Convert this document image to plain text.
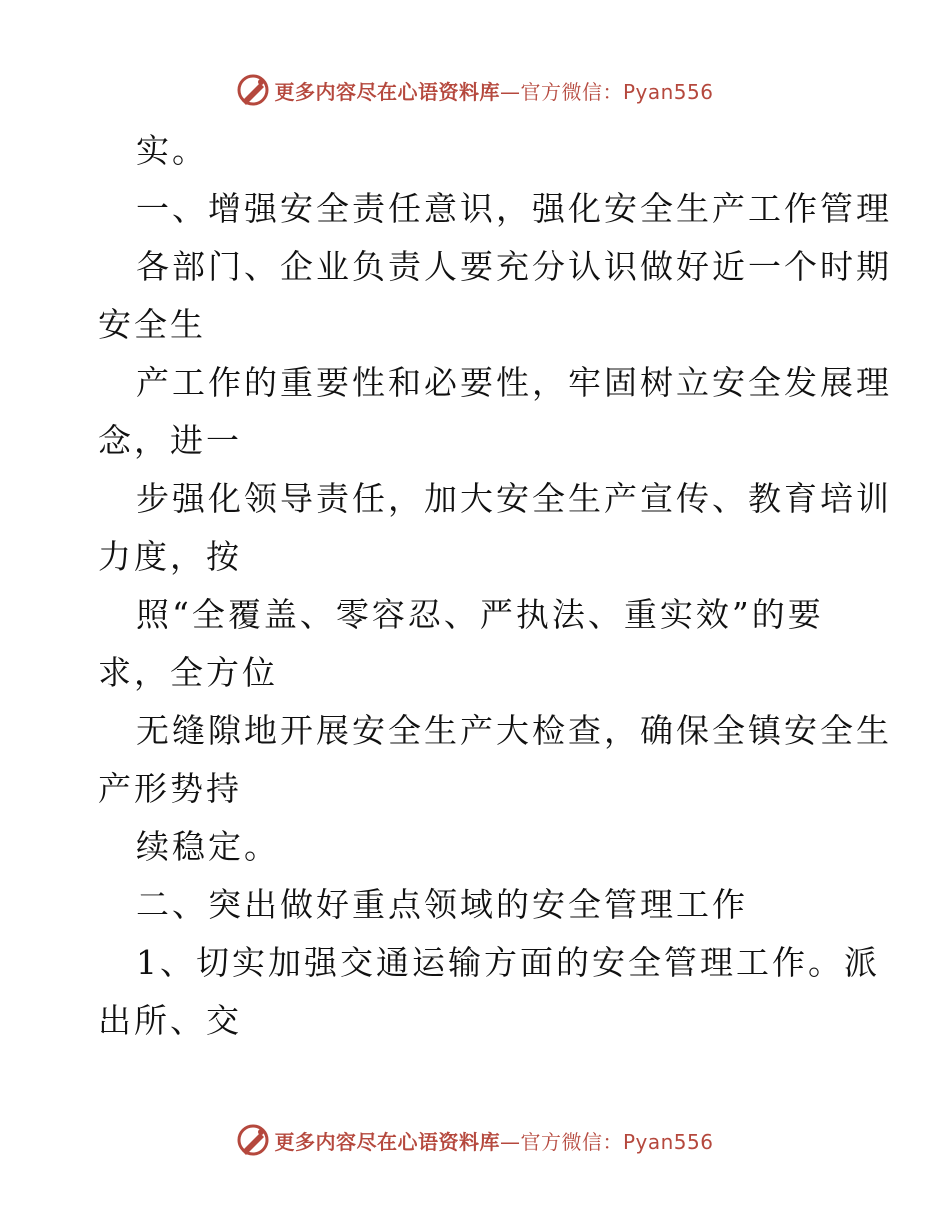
更多内容尽在心语资料库—官方微信：Pyan556
实。
一、增强安全责任意识，强化安全生产工作管理
各部门、企业负责人要充分认识做好近一个时期
安全生
产工作的重要性和必要性，牢固树立安全发展理
念，进一
步强化领导责任，加大安全生产宣传、教育培训
力度，按
照“全覆盖、零容忍、严执法、重实效”的要
求，全方位
无缝隙地开展安全生产大检查，确保全镇安全生
产形势持
续稳定。
二、突出做好重点领域的安全管理工作
1、切实加强交通运输方面的安全管理工作。派
出所、交
更多内容尽在心语资料库—官方微信：Pyan556
